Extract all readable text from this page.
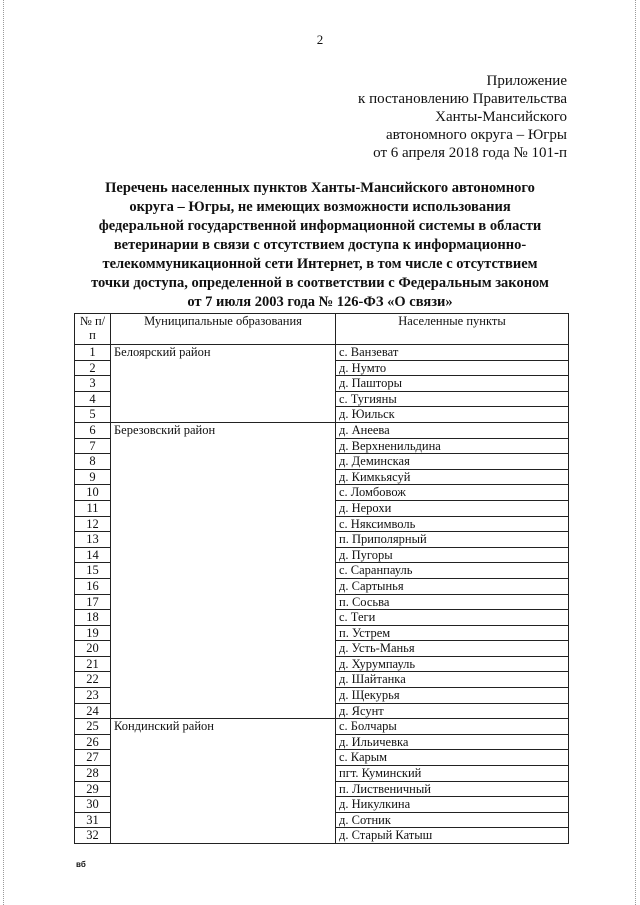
2
Приложение
к постановлению Правительства
Ханты-Мансийского
автономного округа – Югры
от 6 апреля 2018 года № 101-п
Перечень населенных пунктов Ханты-Мансийского автономного
округа – Югры, не имеющих возможности использования
федеральной государственной информационной системы в области
ветеринарии в связи с отсутствием доступа к информационно-
телекоммуникационной сети Интернет, в том числе с отсутствием
точки доступа, определенной в соответствии с Федеральным законом
от 7 июля 2003 года № 126-ФЗ «О связи»
№ п/п	Муниципальные образования	Населенные пункты
1	Белоярский район	с. Ванзеват
2		д. Нумто
3		д. Пашторы
4		с. Тугияны
5		д. Юильск
6	Березовский район	д. Анеева
7		д. Верхненильдина
8		д. Деминская
9		д. Кимкьясуй
10		с. Ломбовож
11		д. Нерохи
12		с. Няксимволь
13		п. Приполярный
14		д. Пугоры
15		с. Саранпауль
16		д. Сартынья
17		п. Сосьва
18		с. Теги
19		п. Устрем
20		д. Усть-Манья
21		д. Хурумпауль
22		д. Шайтанка
23		д. Щекурья
24		д. Ясунт
25	Кондинский район	с. Болчары
26		д. Ильичевка
27		с. Карым
28		пгт. Куминский
29		п. Лиственичный
30		д. Никулкина
31		д. Сотник
32		д. Старый Катыш
вб
